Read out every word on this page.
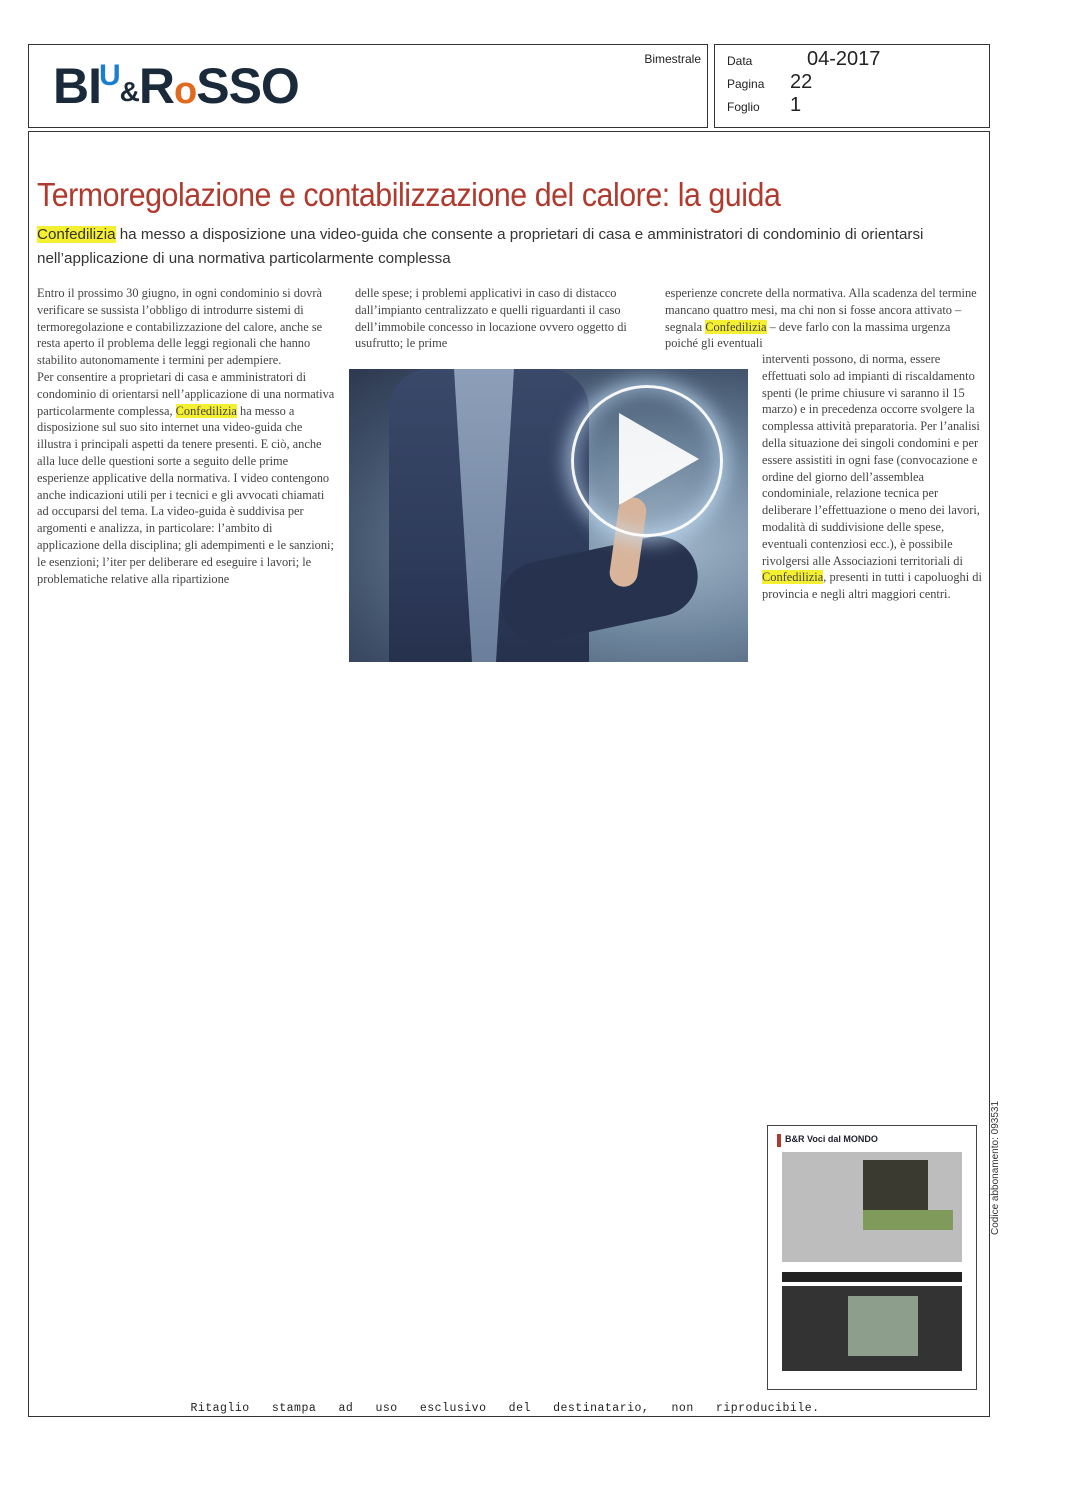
$BI^U\&RoSSO$	Bimestrale Data	04-2017
Pagina 22
Foglio 1
Termoregolazione e contabilizzazione del calore: la guida
Confedilizia ha messo a disposizione una video-guida che consente a proprietari di casa e amministratori di condominio di orientarsi nell’applicazione di una normativa particolarmente complessa

Entro il prossimo 30 giugno, in ogni condominio si dovrà verificare se sussista l’obbligo di introdurre sistemi di termoregolazione e contabilizzazione del calore, anche se resta aperto il problema delle leggi regionali che hanno stabilito autonomamente i termini per adempiere.

Per consentire a proprietari di casa e amministratori di condominio di orientarsi nell’applicazione di una normativa particolarmente complessa, Confedilizia ha messo a disposizione sul suo sito internet una video-guida che illustra i principali aspetti da tenere presenti. E ciò, anche alla luce delle questioni sorte a seguito delle prime esperienze applicative della normativa. I video contengono anche indicazioni utili per i tecnici e gli avvocati chiamati ad occuparsi del tema. La video-guida è suddivisa per argomenti e analizza, in particolare: l’ambito di applicazione della disciplina; gli adempimenti e le sanzioni; le esenzioni; l’iter per deliberare ed eseguire i lavori; le problematiche relative alla ripartizione

delle spese; i problemi applicativi in caso di distacco dall’impianto centralizzato e quelli riguardanti il caso dell’immobile concesso in locazione ovvero oggetto di usufrutto; le prime

esperienze concrete della normativa. Alla scadenza del termine mancano quattro mesi, ma chi non si fosse ancora attivato – segnala Confedilizia – deve farlo con la massima urgenza poiché gli eventuali

interventi possono, di norma, essere effettuati solo ad impianti di riscaldamento spenti (le prime chiusure vi saranno il 15 marzo) e in precedenza occorre svolgere la complessa attività preparatoria. Per l’analisi della situazione dei singoli condomini e per essere assistiti in ogni fase (convocazione e ordine del giorno dell’assemblea condominiale, relazione tecnica per deliberare l’effettuazione o meno dei lavori, modalità di suddivisione delle spese, eventuali contenziosi ecc.), è possibile rivolgersi alle Associazioni territoriali di Confedilizia, presenti in tutti i capoluoghi di provincia e negli altri maggiori centri.

B&R Voci dal MONDO	Codice abbonamento: 093531
Ritaglio   stampa   ad   uso   esclusivo   del   destinatario,   non   riproducibile.
